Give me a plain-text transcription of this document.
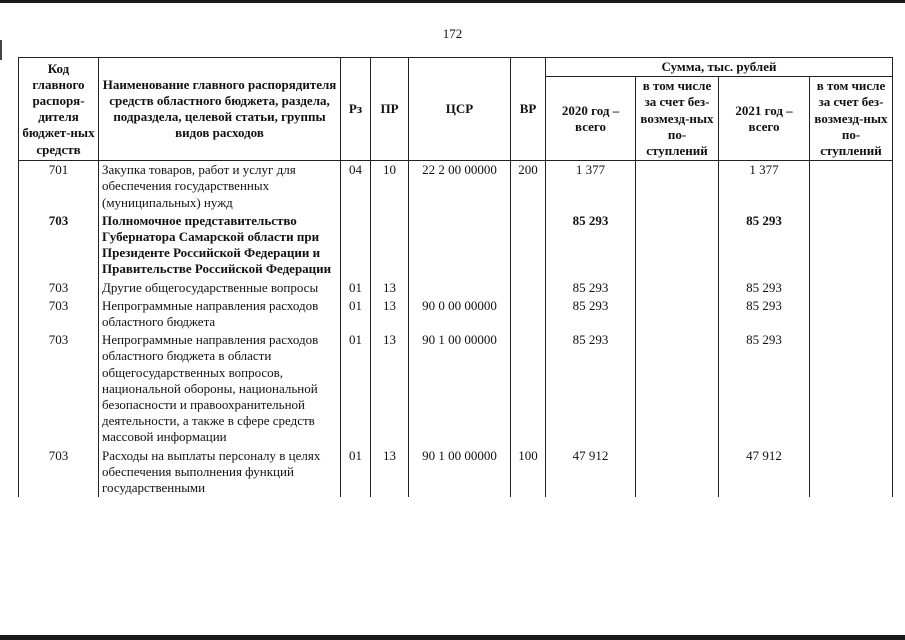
172
Код главного распоря-дителя бюджет-ных средств	Наименование главного распорядителя средств областного бюджета, раздела, подраздела, целевой статьи, группы видов расходов	Рз	ПР	ЦСР	ВР	Сумма, тыс. рублей			
						2020 год – всего	в том числе за счет без-возмезд-ных по-ступлений	2021 год – всего	в том числе за счет без-возмезд-ных по-ступлений
701	Закупка товаров, работ и услуг для обеспечения государственных (муниципальных) нужд	04	10	22 2 00 00000	200	1 377		1 377	
703	Полномочное представительство Губернатора Самарской области при Президенте Российской Федерации и Правительстве Российской Федерации					85 293		85 293	
703	Другие общегосударственные вопросы	01	13			85 293		85 293	
703	Непрограммные направления расходов областного бюджета	01	13	90 0 00 00000		85 293		85 293	
703	Непрограммные направления расходов областного бюджета в области общегосударственных вопросов, национальной обороны, национальной безопасности и правоохранительной деятельности, а также в сфере средств массовой информации	01	13	90 1 00 00000		85 293		85 293	
703	Расходы на выплаты персоналу в целях обеспечения выполнения функций государственными	01	13	90 1 00 00000	100	47 912		47 912	
